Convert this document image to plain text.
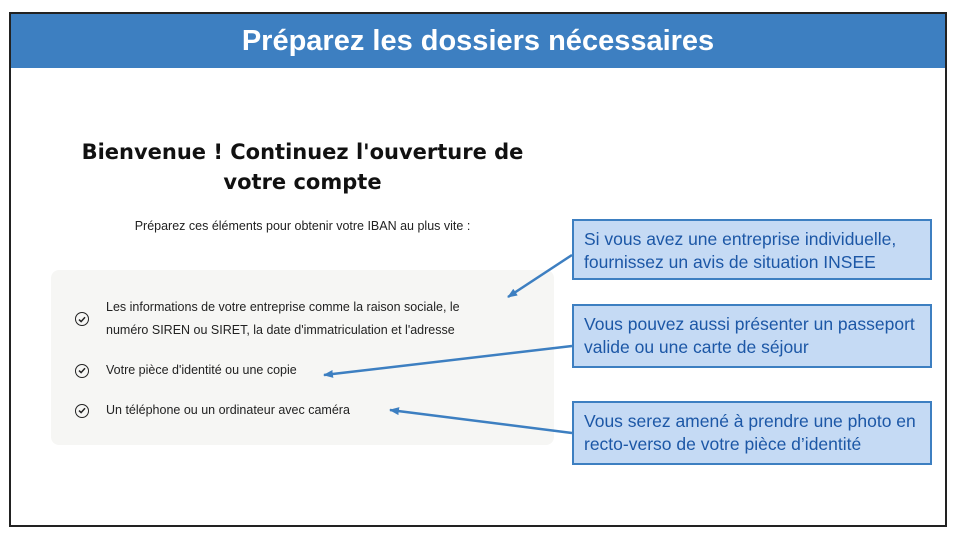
Préparez les dossiers nécessaires
Bienvenue ! Continuez l'ouverture de votre compte
Préparez ces éléments pour obtenir votre IBAN au plus vite :
Les informations de votre entreprise comme la raison sociale, le numéro SIREN ou SIRET, la date d'immatriculation et l'adresse
Votre pièce d'identité ou une copie
Un téléphone ou un ordinateur avec caméra
Si vous avez une entreprise individuelle, fournissez un avis de situation INSEE
Vous pouvez aussi présenter un passeport valide ou une carte de séjour
Vous serez amené à prendre une photo en recto-verso de votre pièce d’identité
